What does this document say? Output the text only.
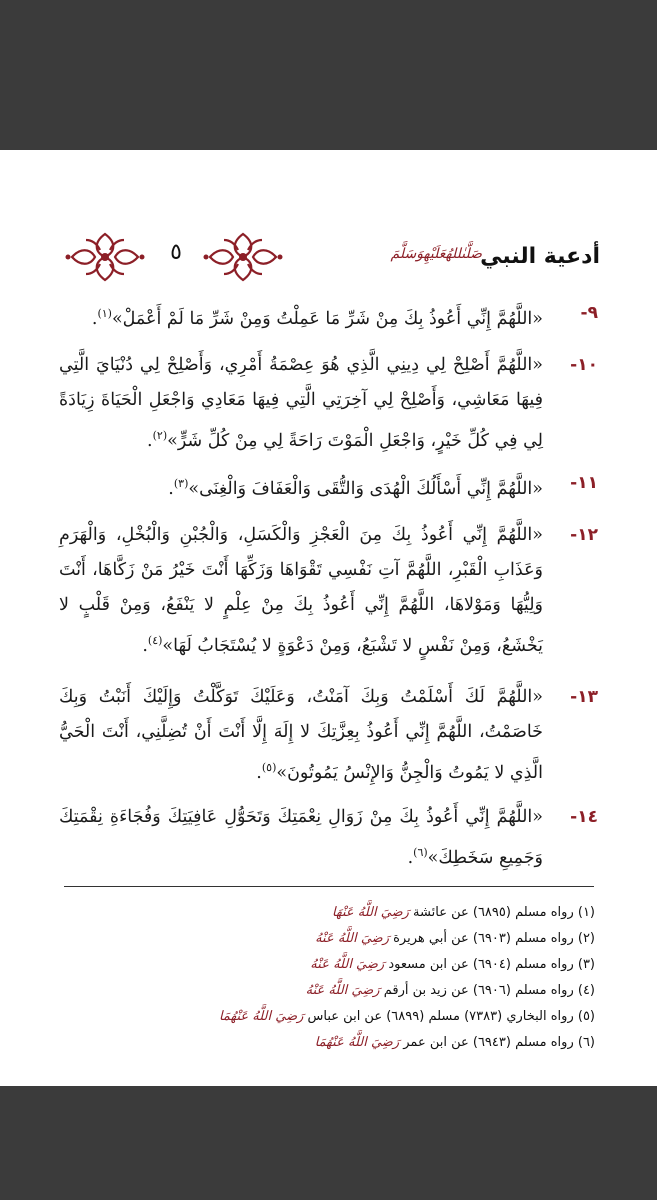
٥	صَلَّىٰللهُعَلَيْهِوَسَلَّمَ
أدعية النبي
٩-
«اللَّهُمَّ إِنِّي أَعُوذُ بِكَ مِنْ شَرِّ مَا عَمِلْتُ وَمِنْ شَرِّ مَا لَمْ أَعْمَلْ»$^{(١)}$.
١٠-
«اللَّهُمَّ أَصْلِحْ لِي دِينِي الَّذِي هُوَ عِصْمَةُ أَمْرِي، وَأَصْلِحْ لِي دُنْيَايَ الَّتِي فِيهَا مَعَاشِي، وَأَصْلِحْ لِي آخِرَتِي الَّتِي فِيهَا مَعَادِي وَاجْعَلِ الْحَيَاةَ زِيَادَةً لِي فِي كُلِّ خَيْرٍ، وَاجْعَلِ الْمَوْتَ رَاحَةً لِي مِنْ كُلِّ شَرٍّ»$^{(٢)}$.
١١-
«اللَّهُمَّ إِنِّي أَسْأَلُكَ الْهُدَى وَالتُّقَى وَالْعَفَافَ وَالْغِنَى»$^{(٣)}$.
١٢-
«اللَّهُمَّ إِنِّي أَعُوذُ بِكَ مِنَ الْعَجْزِ وَالْكَسَلِ، وَالْجُبْنِ وَالْبُخْلِ، وَالْهَرَمِ وَعَذَابِ الْقَبْرِ، اللَّهُمَّ آتِ نَفْسِي تَقْوَاهَا وَزَكِّهَا أَنْتَ خَيْرُ مَنْ زَكَّاهَا، أَنْتَ وَلِيُّهَا وَمَوْلاهَا، اللَّهُمَّ إِنِّي أَعُوذُ بِكَ مِنْ عِلْمٍ لا يَنْفَعُ، وَمِنْ قَلْبٍ لا يَخْشَعُ، وَمِنْ نَفْسٍ لا تَشْبَعُ، وَمِنْ دَعْوَةٍ لا يُسْتَجَابُ لَهَا»$^{(٤)}$.
١٣-
«اللَّهُمَّ لَكَ أَسْلَمْتُ وَبِكَ آمَنْتُ، وَعَلَيْكَ تَوَكَّلْتُ وَإِلَيْكَ أَنَبْتُ وَبِكَ خَاصَمْتُ، اللَّهُمَّ إِنِّي أَعُوذُ بِعِزَّتِكَ لا إِلَهَ إِلَّا أَنْتَ أَنْ تُضِلَّنِي، أَنْتَ الْحَيُّ الَّذِي لا يَمُوتُ وَالْجِنُّ وَالإِنْسُ يَمُوتُونَ»$^{(٥)}$.
١٤-
«اللَّهُمَّ إِنِّي أَعُوذُ بِكَ مِنْ زَوَالِ نِعْمَتِكَ وَتَحَوُّلِ عَافِيَتِكَ وَفُجَاءَةِ نِقْمَتِكَ وَجَمِيعِ سَخَطِكَ»$^{(٦)}$.
(١) رواه مسلم (٦٨٩٥) عن عائشة رَضِيَ اللَّهُ عَنْهَا
(٢) رواه مسلم (٦٩٠٣) عن أبي هريرة رَضِيَ اللَّهُ عَنْهُ
(٣) رواه مسلم (٦٩٠٤) عن ابن مسعود رَضِيَ اللَّهُ عَنْهُ
(٤) رواه مسلم (٦٩٠٦) عن زيد بن أرقم رَضِيَ اللَّهُ عَنْهُ
(٥) رواه البخاري (٧٣٨٣) مسلم (٦٨٩٩) عن ابن عباس رَضِيَ اللَّهُ عَنْهُمَا
(٦) رواه مسلم (٦٩٤٣) عن ابن عمر رَضِيَ اللَّهُ عَنْهُمَا
